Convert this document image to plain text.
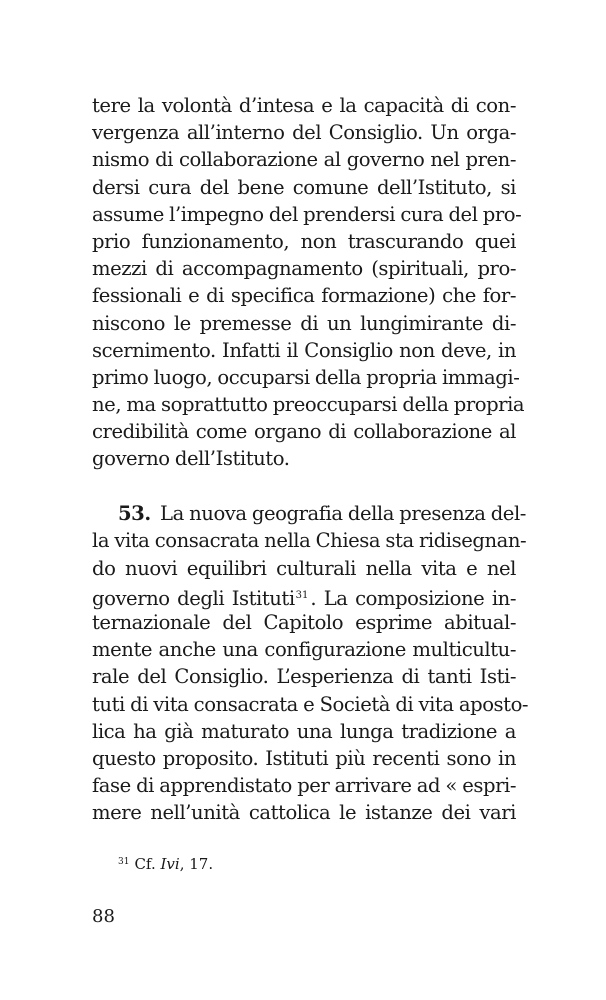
tere la volontà d’intesa e la capacità di con-
vergenza all’interno del Consiglio. Un orga-
nismo di collaborazione al governo nel pren-
dersi cura del bene comune dell’Istituto, si
assume l’impegno del prendersi cura del pro-
prio funzionamento, non trascurando quei
mezzi di accompagnamento (spirituali, pro-
fessionali e di specifica formazione) che for-
niscono le premesse di un lungimirante di-
scernimento. Infatti il Consiglio non deve, in
primo luogo, occuparsi della propria immagi-
ne, ma soprattutto preoccuparsi della propria
credibilità come organo di collaborazione al
governo dell’Istituto.
53. La nuova geografia della presenza del-
la vita consacrata nella Chiesa sta ridisegnan-
do nuovi equilibri culturali nella vita e nel
governo degli Istituti$^{31}$ . La composizione in-
ternazionale del Capitolo esprime abitual-
mente anche una configurazione multicultu-
rale del Consiglio. L’esperienza di tanti Isti-
tuti di vita consacrata e Società di vita aposto-
lica ha già maturato una lunga tradizione a
questo proposito. Istituti più recenti sono in
fase di apprendistato per arrivare ad « espri-
mere nell’unità cattolica le istanze dei vari
$^{31}$ Cf. Ivi, 17.
88
